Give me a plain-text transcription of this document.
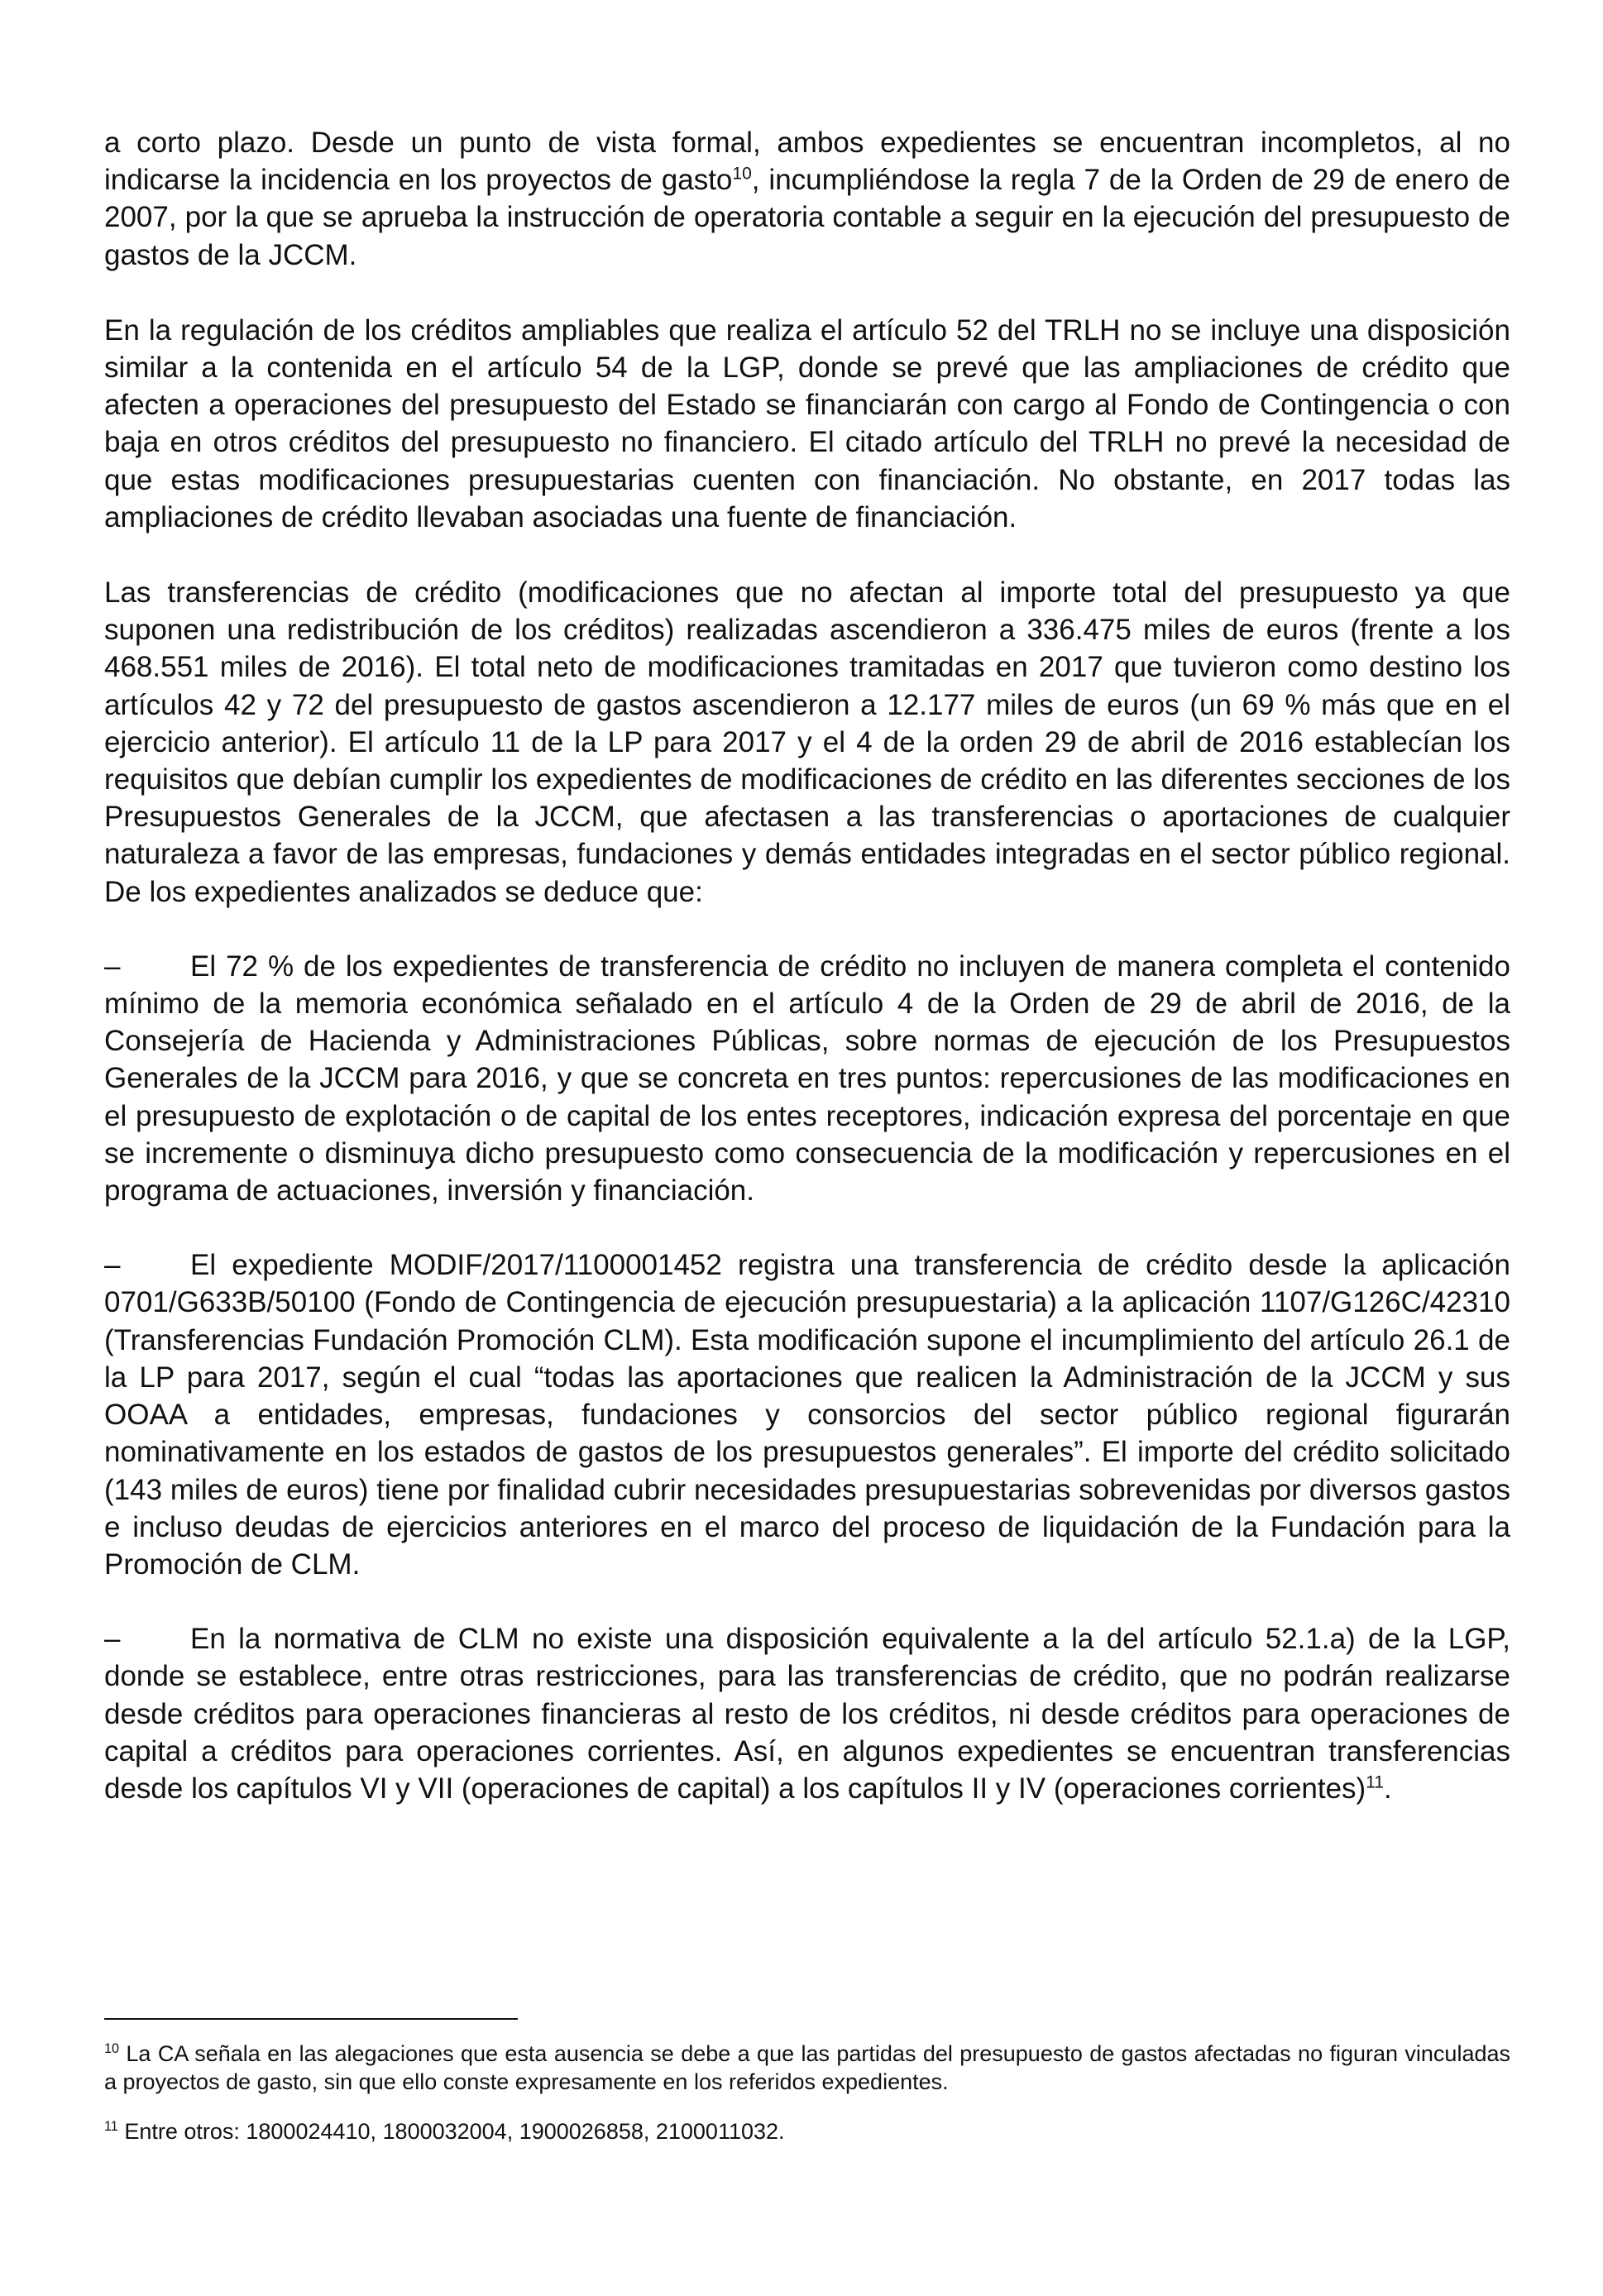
a corto plazo. Desde un punto de vista formal, ambos expedientes se encuentran incompletos, al no indicarse la incidencia en los proyectos de gasto$^{10}$, incumpliéndose la regla 7 de la Orden de 29 de enero de 2007, por la que se aprueba la instrucción de operatoria contable a seguir en la ejecución del presupuesto de gastos de la JCCM.

En la regulación de los créditos ampliables que realiza el artículo 52 del TRLH no se incluye una disposición similar a la contenida en el artículo 54 de la LGP, donde se prevé que las ampliaciones de crédito que afecten a operaciones del presupuesto del Estado se financiarán con cargo al Fondo de Contingencia o con baja en otros créditos del presupuesto no financiero. El citado artículo del TRLH no prevé la necesidad de que estas modificaciones presupuestarias cuenten con financiación. No obstante, en 2017 todas las ampliaciones de crédito llevaban asociadas una fuente de financiación.

Las transferencias de crédito (modificaciones que no afectan al importe total del presupuesto ya que suponen una redistribución de los créditos) realizadas ascendieron a 336.475 miles de euros (frente a los 468.551 miles de 2016). El total neto de modificaciones tramitadas en 2017 que tuvieron como destino los artículos 42 y 72 del presupuesto de gastos ascendieron a 12.177 miles de euros (un 69 % más que en el ejercicio anterior). El artículo 11 de la LP para 2017 y el 4 de la orden 29 de abril de 2016 establecían los requisitos que debían cumplir los expedientes de modificaciones de crédito en las diferentes secciones de los Presupuestos Generales de la JCCM, que afectasen a las transferencias o aportaciones de cualquier naturaleza a favor de las empresas, fundaciones y demás entidades integradas en el sector público regional. De los expedientes analizados se deduce que:

– El 72 % de los expedientes de transferencia de crédito no incluyen de manera completa el contenido mínimo de la memoria económica señalado en el artículo 4 de la Orden de 29 de abril de 2016, de la Consejería de Hacienda y Administraciones Públicas, sobre normas de ejecución de los Presupuestos Generales de la JCCM para 2016, y que se concreta en tres puntos: repercusiones de las modificaciones en el presupuesto de explotación o de capital de los entes receptores, indicación expresa del porcentaje en que se incremente o disminuya dicho presupuesto como consecuencia de la modificación y repercusiones en el programa de actuaciones, inversión y financiación.

– El expediente MODIF/2017/1100001452 registra una transferencia de crédito desde la aplicación 0701/G633B/50100 (Fondo de Contingencia de ejecución presupuestaria) a la aplicación 1107/G126C/42310 (Transferencias Fundación Promoción CLM). Esta modificación supone el incumplimiento del artículo 26.1 de la LP para 2017, según el cual “todas las aportaciones que realicen la Administración de la JCCM y sus OOAA a entidades, empresas, fundaciones y consorcios del sector público regional figurarán nominativamente en los estados de gastos de los presupuestos generales”. El importe del crédito solicitado (143 miles de euros) tiene por finalidad cubrir necesidades presupuestarias sobrevenidas por diversos gastos e incluso deudas de ejercicios anteriores en el marco del proceso de liquidación de la Fundación para la Promoción de CLM.

– En la normativa de CLM no existe una disposición equivalente a la del artículo 52.1.a) de la LGP, donde se establece, entre otras restricciones, para las transferencias de crédito, que no podrán realizarse desde créditos para operaciones financieras al resto de los créditos, ni desde créditos para operaciones de capital a créditos para operaciones corrientes. Así, en algunos expedientes se encuentran transferencias desde los capítulos VI y VII (operaciones de capital) a los capítulos II y IV (operaciones corrientes)$^{11}$.

$^{10}$ La CA señala en las alegaciones que esta ausencia se debe a que las partidas del presupuesto de gastos afectadas no figuran vinculadas a proyectos de gasto, sin que ello conste expresamente en los referidos expedientes.

$^{11}$ Entre otros: 1800024410, 1800032004, 1900026858, 2100011032.
